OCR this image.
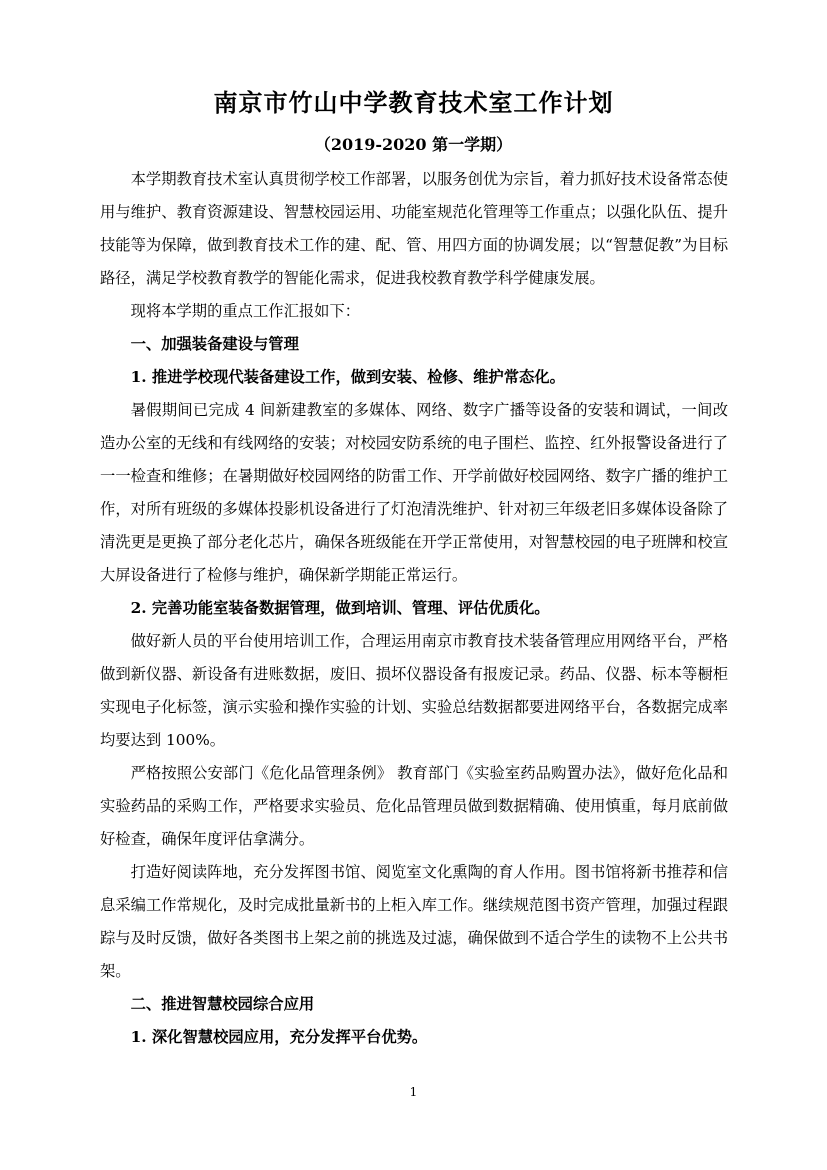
南京市竹山中学教育技术室工作计划
（2019-2020 第一学期）

本学期教育技术室认真贯彻学校工作部署，以服务创优为宗旨，着力抓好技术设备常态使用与维护、教育资源建设、智慧校园运用、功能室规范化管理等工作重点；以强化队伍、提升技能等为保障，做到教育技术工作的建、配、管、用四方面的协调发展；以“智慧促教”为目标路径，满足学校教育教学的智能化需求，促进我校教育教学科学健康发展。

现将本学期的重点工作汇报如下：

一、加强装备建设与管理

1. 推进学校现代装备建设工作，做到安装、检修、维护常态化。

暑假期间已完成 4 间新建教室的多媒体、网络、数字广播等设备的安装和调试，一间改造办公室的无线和有线网络的安装；对校园安防系统的电子围栏、监控、红外报警设备进行了一一检查和维修；在暑期做好校园网络的防雷工作、开学前做好校园网络、数字广播的维护工作，对所有班级的多媒体投影机设备进行了灯泡清洗维护、针对初三年级老旧多媒体设备除了清洗更是更换了部分老化芯片，确保各班级能在开学正常使用，对智慧校园的电子班牌和校宣大屏设备进行了检修与维护，确保新学期能正常运行。

2. 完善功能室装备数据管理，做到培训、管理、评估优质化。

做好新人员的平台使用培训工作，合理运用南京市教育技术装备管理应用网络平台，严格做到新仪器、新设备有进账数据，废旧、损坏仪器设备有报废记录。药品、仪器、标本等橱柜实现电子化标签，演示实验和操作实验的计划、实验总结数据都要进网络平台，各数据完成率均要达到 100%。

严格按照公安部门《危化品管理条例》 教育部门《实验室药品购置办法》，做好危化品和实验药品的采购工作，严格要求实验员、危化品管理员做到数据精确、使用慎重，每月底前做好检查，确保年度评估拿满分。

打造好阅读阵地，充分发挥图书馆、阅览室文化熏陶的育人作用。图书馆将新书推荐和信息采编工作常规化，及时完成批量新书的上柜入库工作。继续规范图书资产管理，加强过程跟踪与及时反馈，做好各类图书上架之前的挑选及过滤，确保做到不适合学生的读物不上公共书架。

二、推进智慧校园综合应用

1. 深化智慧校园应用，充分发挥平台优势。

1
